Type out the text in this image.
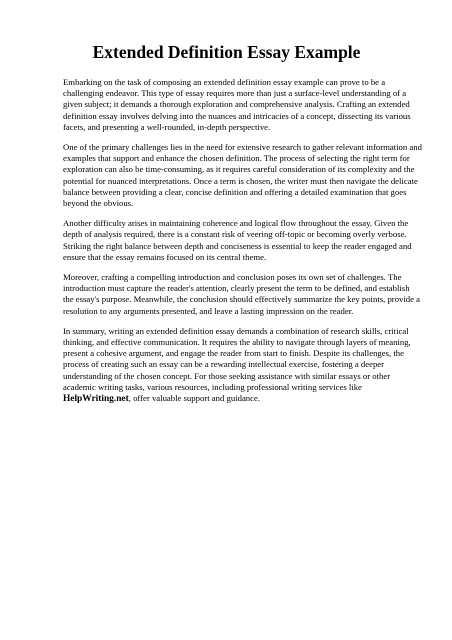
Extended Definition Essay Example

Embarking on the task of composing an extended definition essay example can prove to be a challenging endeavor. This type of essay requires more than just a surface-level understanding of a given subject; it demands a thorough exploration and comprehensive analysis. Crafting an extended definition essay involves delving into the nuances and intricacies of a concept, dissecting its various facets, and presenting a well-rounded, in-depth perspective.

One of the primary challenges lies in the need for extensive research to gather relevant information and examples that support and enhance the chosen definition. The process of selecting the right term for exploration can also be time-consuming, as it requires careful consideration of its complexity and the potential for nuanced interpretations. Once a term is chosen, the writer must then navigate the delicate balance between providing a clear, concise definition and offering a detailed examination that goes beyond the obvious.

Another difficulty arises in maintaining coherence and logical flow throughout the essay. Given the depth of analysis required, there is a constant risk of veering off-topic or becoming overly verbose. Striking the right balance between depth and conciseness is essential to keep the reader engaged and ensure that the essay remains focused on its central theme.

Moreover, crafting a compelling introduction and conclusion poses its own set of challenges. The introduction must capture the reader's attention, clearly present the term to be defined, and establish the essay's purpose. Meanwhile, the conclusion should effectively summarize the key points, provide a resolution to any arguments presented, and leave a lasting impression on the reader.

In summary, writing an extended definition essay demands a combination of research skills, critical thinking, and effective communication. It requires the ability to navigate through layers of meaning, present a cohesive argument, and engage the reader from start to finish. Despite its challenges, the process of creating such an essay can be a rewarding intellectual exercise, fostering a deeper understanding of the chosen concept. For those seeking assistance with similar essays or other academic writing tasks, various resources, including professional writing services like HelpWriting.net, offer valuable support and guidance.
